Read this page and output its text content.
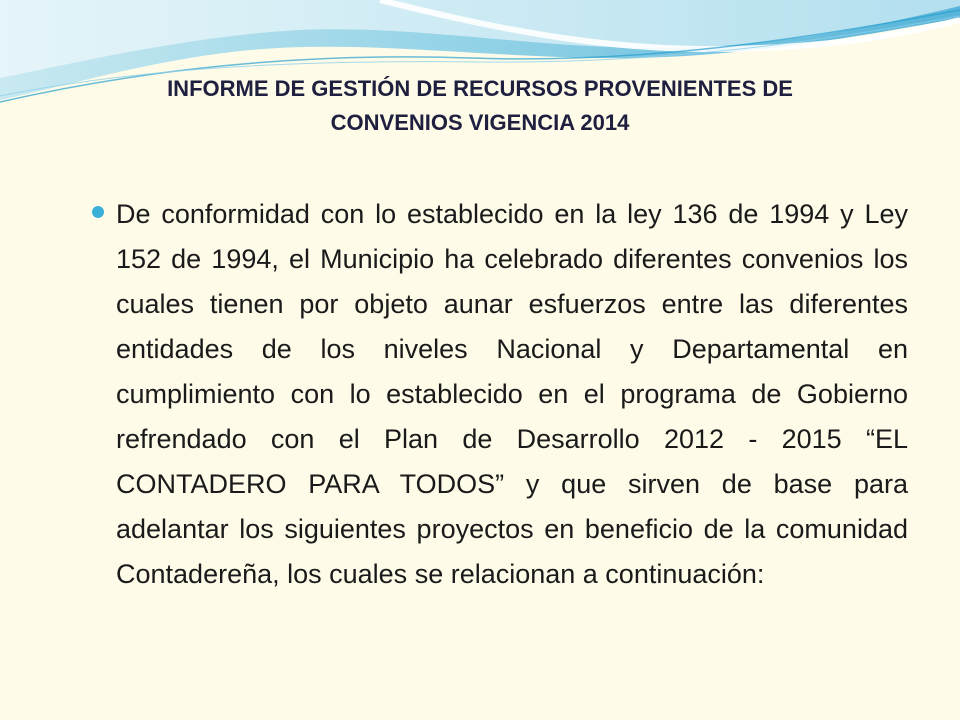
INFORME DE GESTIÓN DE RECURSOS PROVENIENTES DE
CONVENIOS VIGENCIA 2014

De conformidad con lo establecido en la ley 136 de 1994 y Ley 152 de 1994, el Municipio ha celebrado diferentes convenios los cuales tienen por objeto aunar esfuerzos entre las diferentes entidades de los niveles Nacional y Departamental en cumplimiento con lo establecido en el programa de Gobierno refrendado con el Plan de Desarrollo 2012 - 2015 “EL CONTADERO PARA TODOS” y que sirven de base para adelantar los siguientes proyectos en beneficio de la comunidad Contadereña, los cuales se relacionan a continuación:
